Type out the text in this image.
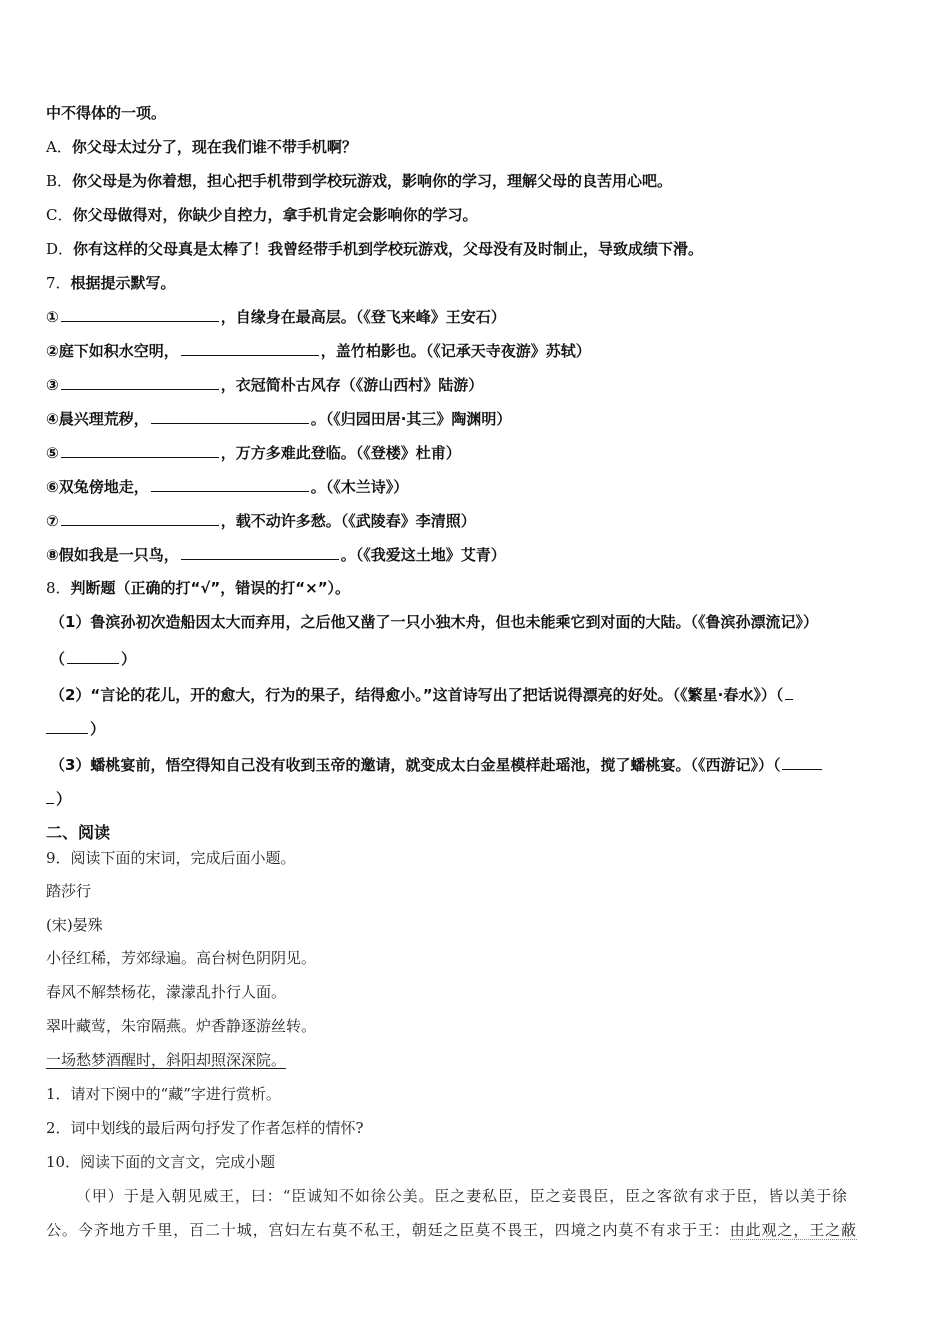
中不得体的一项。
A．你父母太过分了，现在我们谁不带手机啊？
B．你父母是为你着想，担心把手机带到学校玩游戏，影响你的学习，理解父母的良苦用心吧。
C．你父母做得对，你缺少自控力，拿手机肯定会影响你的学习。
D．你有这样的父母真是太棒了！我曾经带手机到学校玩游戏，父母没有及时制止，导致成绩下滑。
7．根据提示默写。
①	，自缘身在最高层。（《登飞来峰》王安石）
②庭下如积水空明，	，盖竹柏影也。（《记承天寺夜游》苏轼）
③	，衣冠简朴古风存（《游山西村》陆游）
④晨兴理荒秽，	。（《归园田居·其三》陶渊明）
⑤	，万方多难此登临。（《登楼》杜甫）
⑥双兔傍地走，	。（《木兰诗》）
⑦	，载不动许多愁。（《武陵春》李清照）
⑧假如我是一只鸟，	。（《我爱这土地》艾青）
8．判断题（正确的打“√”，错误的打“×”）。
（1）鲁滨孙初次造船因太大而弃用，之后他又凿了一只小独木舟，但也未能乘它到对面的大陆。（《鲁滨孙漂流记》）
（	）
（2）“言论的花儿，开的愈大，行为的果子，结得愈小。”这首诗写出了把话说得漂亮的好处。（《繁星·春水》）（
）
（3）蟠桃宴前，悟空得知自己没有收到玉帝的邀请，就变成太白金星模样赴瑶池，搅了蟠桃宴。（《西游记》）（
）
二、阅读
9．阅读下面的宋词，完成后面小题。
踏莎行
(宋)晏殊
小径红稀，芳郊绿遍。高台树色阴阴见。
春风不解禁杨花，濛濛乱扑行人面。
翠叶藏莺，朱帘隔燕。炉香静逐游丝转。
一场愁梦酒醒时，斜阳却照深深院。
1．请对下阕中的“藏”字进行赏析。
2．词中划线的最后两句抒发了作者怎样的情怀?
10．阅读下面的文言文，完成小题
（甲）于是入朝见威王，曰：“臣诚知不如徐公美。臣之妻私臣，臣之妾畏臣，臣之客欲有求于臣，皆以美于徐
公。今齐地方千里，百二十城，宫妇左右莫不私王，朝廷之臣莫不畏王，四境之内莫不有求于王：由此观之，王之蔽
